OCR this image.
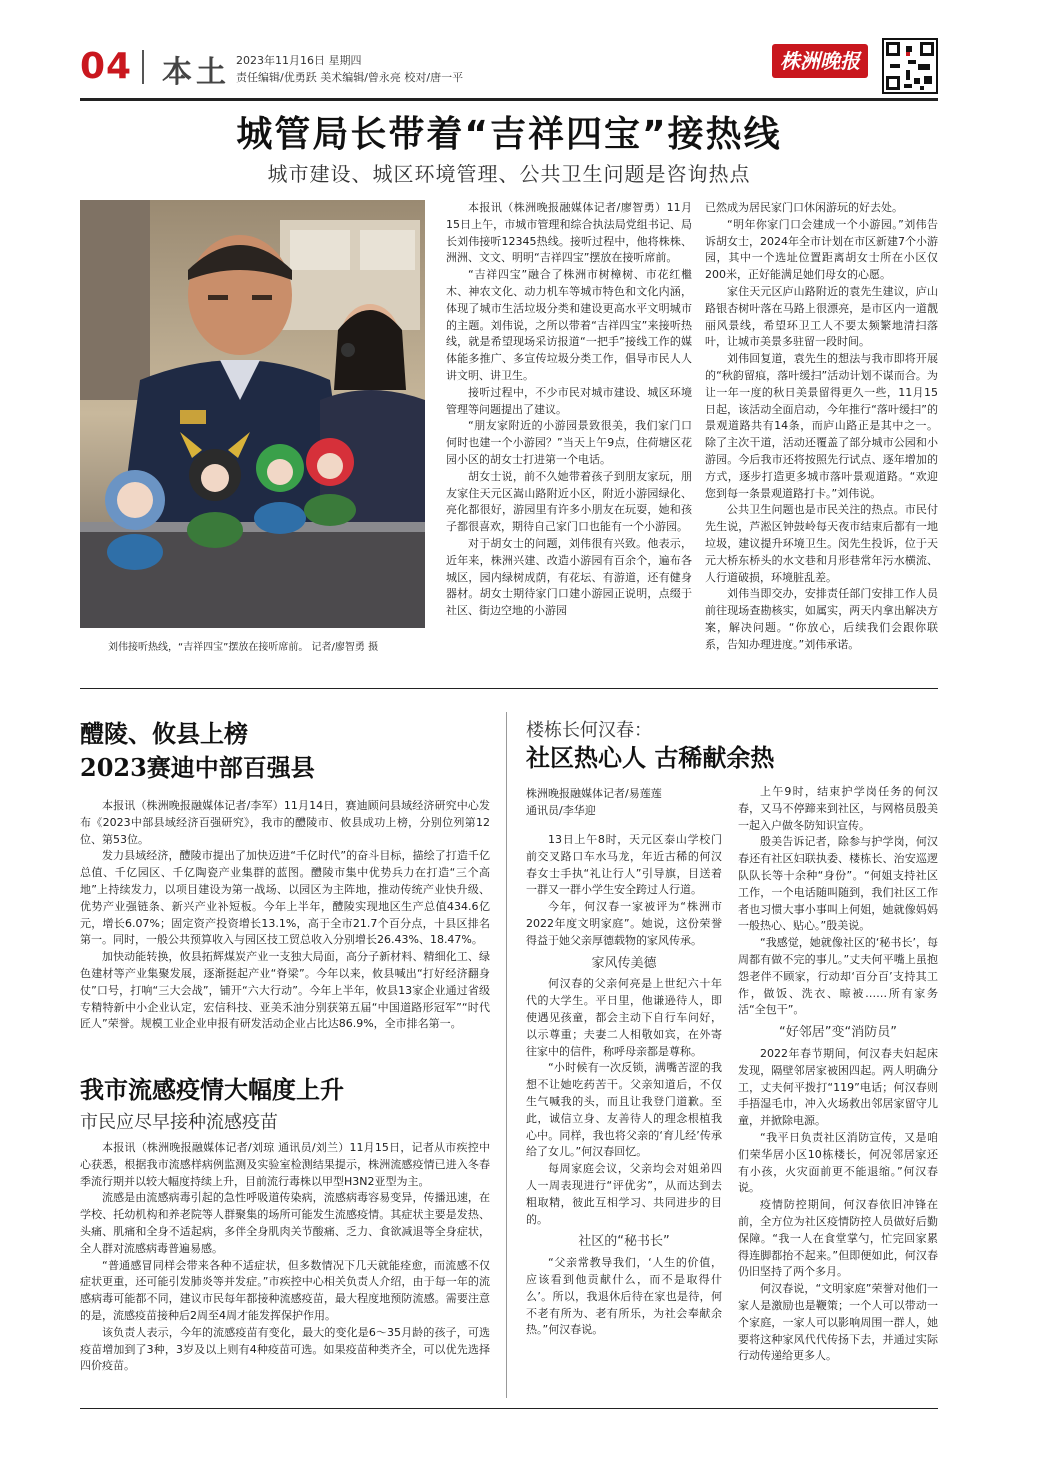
04 本土 2023年11月16日 星期四
责任编辑/优勇跃 美术编辑/曾永亮 校对/唐一平
株洲晚报
城管局长带着“吉祥四宝”接热线
城市建设、城区环境管理、公共卫生问题是咨询热点
刘伟接听热线，“吉祥四宝”摆放在接听席前。 记者/廖智勇 摄

本报讯（株洲晚报融媒体记者/廖智勇）11月15日上午，市城市管理和综合执法局党组书记、局长刘伟接听12345热线。接听过程中，他将株株、洲洲、文文、明明“吉祥四宝”摆放在接听席前。

“吉祥四宝”融合了株洲市树樟树、市花红檵木、神农文化、动力机车等城市特色和文化内涵，体现了城市生活垃圾分类和建设更高水平文明城市的主题。刘伟说，之所以带着“吉祥四宝”来接听热线，就是希望现场采访报道“一把手”接线工作的媒体能多推广、多宣传垃圾分类工作，倡导市民人人讲文明、讲卫生。

接听过程中，不少市民对城市建设、城区环境管理等问题提出了建议。

“朋友家附近的小游园景致很美，我们家门口何时也建一个小游园？”当天上午9点，住荷塘区花园小区的胡女士打进第一个电话。

胡女士说，前不久她带着孩子到朋友家玩，朋友家住天元区嵩山路附近小区，附近小游园绿化、亮化都很好，游园里有许多小朋友在玩耍，她和孩子都很喜欢，期待自己家门口也能有一个小游园。

对于胡女士的问题，刘伟很有兴致。他表示，近年来，株洲兴建、改造小游园有百余个，遍布各城区，园内绿树成荫，有花坛、有游道，还有健身器材。胡女士期待家门口建小游园正说明，点缀于社区、街边空地的小游园

已然成为居民家门口休闲游玩的好去处。

“明年你家门口会建成一个小游园。”刘伟告诉胡女士，2024年全市计划在市区新建7个小游园，其中一个选址位置距离胡女士所在小区仅200米，正好能满足她们母女的心愿。

家住天元区庐山路附近的袁先生建议，庐山路银杏树叶落在马路上很漂亮，是市区内一道靓丽风景线，希望环卫工人不要太频繁地清扫落叶，让城市美景多驻留一段时间。

刘伟回复道，袁先生的想法与我市即将开展的“秋韵留痕，落叶缓扫”活动计划不谋而合。为让一年一度的秋日美景留得更久一些，11月15日起，该活动全面启动，今年推行“落叶缓扫”的景观道路共有14条，而庐山路正是其中之一。除了主次干道，活动还覆盖了部分城市公园和小游园。今后我市还将按照先行试点、逐年增加的方式，逐步打造更多城市落叶景观道路。“欢迎您到每一条景观道路打卡。”刘伟说。

公共卫生问题也是市民关注的热点。市民付先生说，芦淞区钟鼓岭每天夜市结束后都有一地垃圾，建议提升环境卫生。闵先生投诉，位于天元大桥东桥头的水文巷和月形巷常年污水横流、人行道破损，环境脏乱差。

刘伟当即交办，安排责任部门安排工作人员前往现场查勘核实，如属实，两天内拿出解决方案，解决问题。“你放心，后续我们会跟你联系，告知办理进度。”刘伟承诺。

醴陵、攸县上榜
2023赛迪中部百强县

本报讯（株洲晚报融媒体记者/李军）11月14日，赛迪顾问县域经济研究中心发布《2023中部县域经济百强研究》，我市的醴陵市、攸县成功上榜，分别位列第12位、第53位。

发力县域经济，醴陵市提出了加快迈进“千亿时代”的奋斗目标，描绘了打造千亿总值、千亿园区、千亿陶瓷产业集群的蓝图。醴陵市集中优势兵力在打造“三个高地”上持续发力，以项目建设为第一战场、以园区为主阵地，推动传统产业快升级、优势产业强链条、新兴产业补短板。今年上半年，醴陵实现地区生产总值434.6亿元，增长6.07%；固定资产投资增长13.1%，高于全市21.7个百分点，十县区排名第一。同时，一般公共预算收入与园区技工贸总收入分别增长26.43%、18.47%。

加快动能转换，攸县拓辉煤炭产业一支独大局面，高分子新材料、精细化工、绿色建材等产业集聚发展，逐渐挺起产业“脊梁”。今年以来，攸县喊出“打好经济翻身仗”口号，打响“三大会战”，铺开“六大行动”。今年上半年，攸县13家企业通过省级专精特新中小企业认定，宏信科技、亚美禾油分别获第五届“中国道路形冠军”“时代匠人”荣誉。规模工业企业申报有研发活动企业占比达86.9%，全市排名第一。

我市流感疫情大幅度上升
市民应尽早接种流感疫苗

本报讯（株洲晚报融媒体记者/刘琼 通讯员/刘兰）11月15日，记者从市疾控中心获悉，根据我市流感样病例监测及实验室检测结果提示，株洲流感疫情已进入冬春季流行期并以较大幅度持续上升，目前流行毒株以甲型H3N2亚型为主。

流感是由流感病毒引起的急性呼吸道传染病，流感病毒容易变异，传播迅速，在学校、托幼机构和养老院等人群聚集的场所可能发生流感疫情。其症状主要是发热、头痛、肌痛和全身不适起病，多伴全身肌肉关节酸痛、乏力、食欲减退等全身症状，全人群对流感病毒普遍易感。

“普通感冒同样会带来各种不适症状，但多数情况下几天就能痊愈，而流感不仅症状更重，还可能引发肺炎等并发症。”市疾控中心相关负责人介绍，由于每一年的流感病毒可能都不同，建议市民每年都接种流感疫苗，最大程度地预防流感。需要注意的是，流感疫苗接种后2周至4周才能发挥保护作用。

该负责人表示，今年的流感疫苗有变化，最大的变化是6～35月龄的孩子，可选疫苗增加到了3种，3岁及以上则有4种疫苗可选。如果疫苗种类齐全，可以优先选择四价疫苗。

楼栋长何汉春：
社区热心人 古稀献余热

株洲晚报融媒体记者/易莲莲

通讯员/李华迎

13日上午8时，天元区泰山学校门前交叉路口车水马龙，年近古稀的何汉春女士手执“礼让行人”引导旗，目送着一群又一群小学生安全跨过人行道。

今年，何汉春一家被评为“株洲市2022年度文明家庭”。她说，这份荣誉得益于她父亲厚德载物的家风传承。

家风传美德

何汉春的父亲何亮是上世纪六十年代的大学生。平日里，他谦逊待人，即使遇见孩童，都会主动下自行车问好，以示尊重；夫妻二人相敬如宾，在外寄往家中的信件，称呼母亲都是尊称。

“小时候有一次反锁，满嘴苦涩的我想不让她吃药苦干。父亲知道后，不仅生气喊我的头，而且让我登门道歉。至此，诚信立身、友善待人的理念根植我心中。同样，我也将父亲的‘育儿经’传承给了女儿。”何汉春回忆。

每周家庭会议，父亲均会对姐弟四人一周表现进行“评优劣”，从而达到去粗取精，彼此互相学习、共同进步的目的。

社区的“秘书长”

“父亲常教导我们，‘人生的价值，应该看到他贡献什么，而不是取得什么’。所以，我退休后待在家也是待，何不老有所为、老有所乐，为社会奉献余热。”何汉春说。

上午9时，结束护学岗任务的何汉春，又马不停蹄来到社区，与网格员殷美一起入户做冬防知识宣传。

殷美告诉记者，除参与护学岗，何汉春还有社区妇联执委、楼栋长、治安巡逻队队长等十余种“身份”。“何姐支持社区工作，一个电话随叫随到，我们社区工作者也习惯大事小事叫上何姐，她就像妈妈一般热心、贴心。”殷美说。

“我感觉，她就像社区的‘秘书长’，每周都有做不完的事儿。”丈夫何平嘴上虽抱怨老伴不顾家，行动却‘百分百’支持其工作，做饭、洗衣、晾被……所有家务活“全包干”。

“好邻居”变“消防员”

2022年春节期间，何汉春夫妇起床发现，隔壁邻居家被困四起。两人明确分工，丈夫何平拨打“119”电话；何汉春则手捂湿毛巾，冲入火场救出邻居家留守儿童，并掀除电源。

“我平日负责社区消防宣传，又是咱们荣华居小区10栋楼长，何况邻居家还有小孩，火灾面前更不能退缩。”何汉春说。

疫情防控期间，何汉春依旧冲锋在前，全方位为社区疫情防控人员做好后勤保障。“我一人在食堂掌勺，忙完回家累得连脚都抬不起来。”但即便如此，何汉春仍旧坚持了两个多月。

何汉春说，“文明家庭”荣誉对他们一家人是激励也是鞭策；一个人可以带动一个家庭，一家人可以影响周围一群人，她要将这种家风代代传扬下去，并通过实际行动传递给更多人。
